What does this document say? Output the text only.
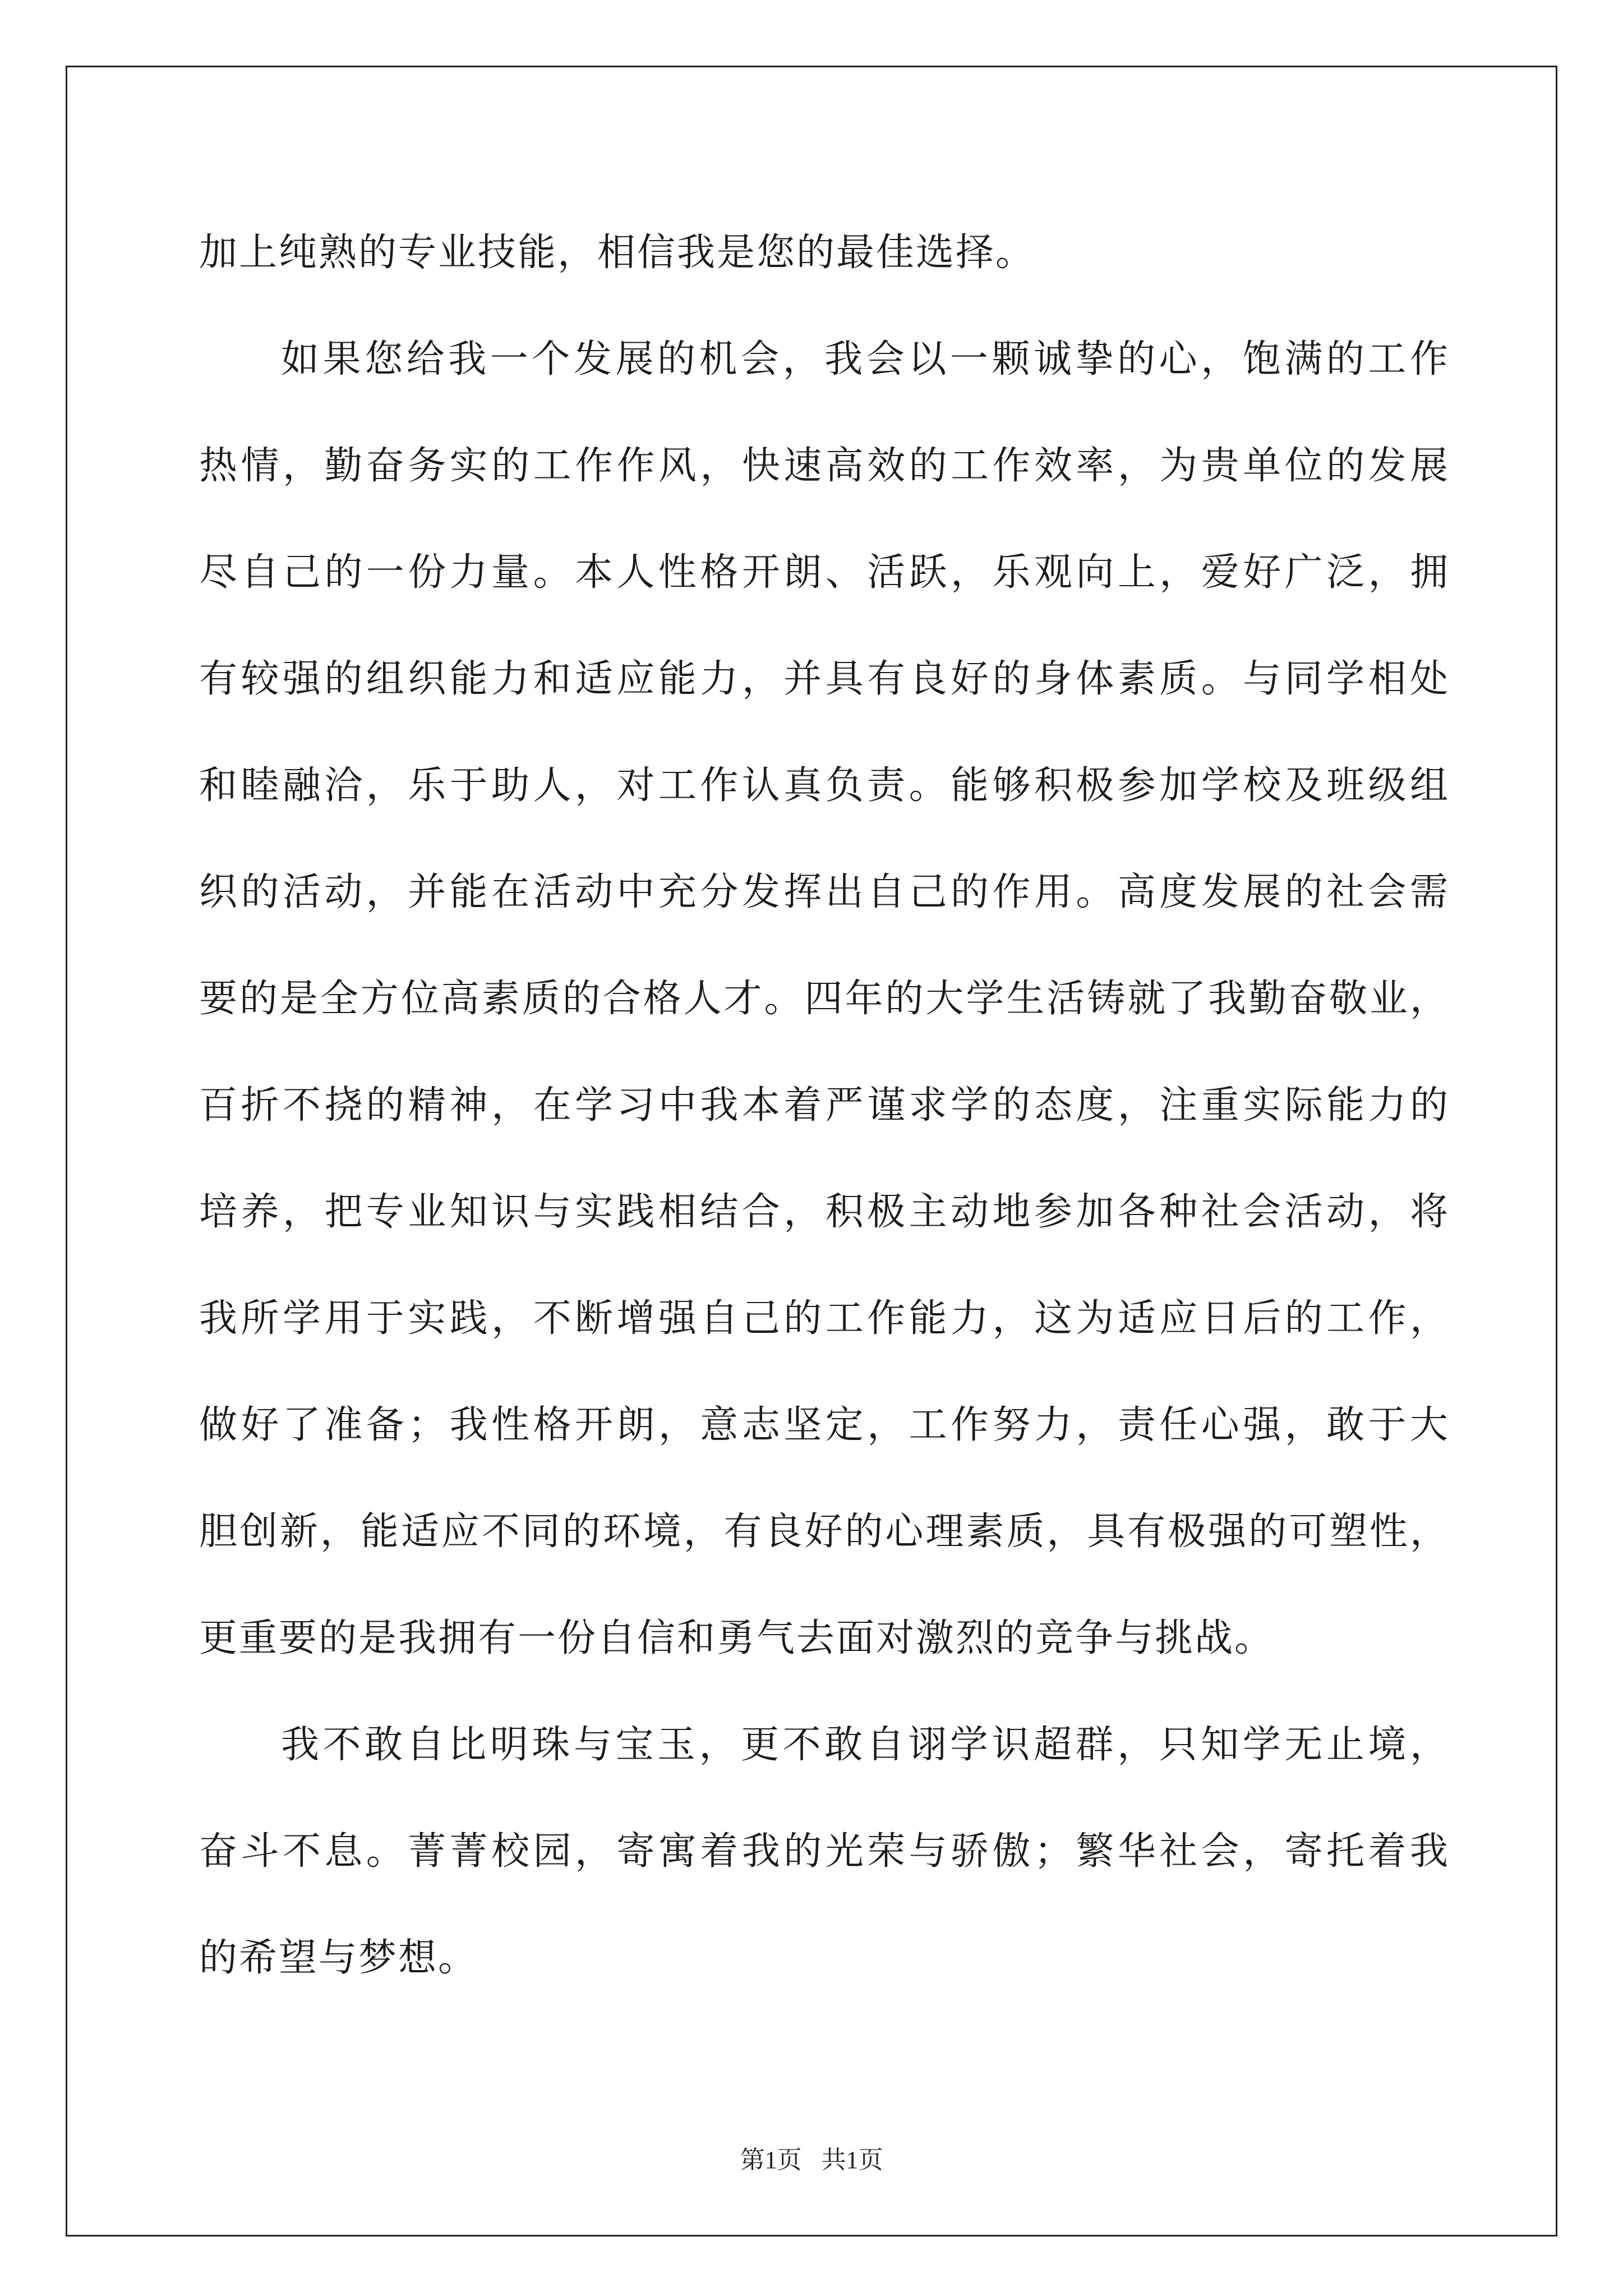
加上纯熟的专业技能，相信我是您的最佳选择。
如果您给我一个发展的机会，我会以一颗诚挚的心，饱满的工作
热情，勤奋务实的工作作风，快速高效的工作效率，为贵单位的发展
尽自己的一份力量。本人性格开朗、活跃，乐观向上，爱好广泛，拥
有较强的组织能力和适应能力，并具有良好的身体素质。与同学相处
和睦融洽，乐于助人，对工作认真负责。能够积极参加学校及班级组
织的活动，并能在活动中充分发挥出自己的作用。高度发展的社会需
要的是全方位高素质的合格人才。四年的大学生活铸就了我勤奋敬业，
百折不挠的精神，在学习中我本着严谨求学的态度，注重实际能力的
培养，把专业知识与实践相结合，积极主动地参加各种社会活动，将
我所学用于实践，不断增强自己的工作能力，这为适应日后的工作，
做好了准备；我性格开朗，意志坚定，工作努力，责任心强，敢于大
胆创新，能适应不同的环境，有良好的心理素质，具有极强的可塑性，
更重要的是我拥有一份自信和勇气去面对激烈的竞争与挑战。
我不敢自比明珠与宝玉，更不敢自诩学识超群，只知学无止境，
奋斗不息。菁菁校园，寄寓着我的光荣与骄傲；繁华社会，寄托着我
的希望与梦想。
第1页 共1页
